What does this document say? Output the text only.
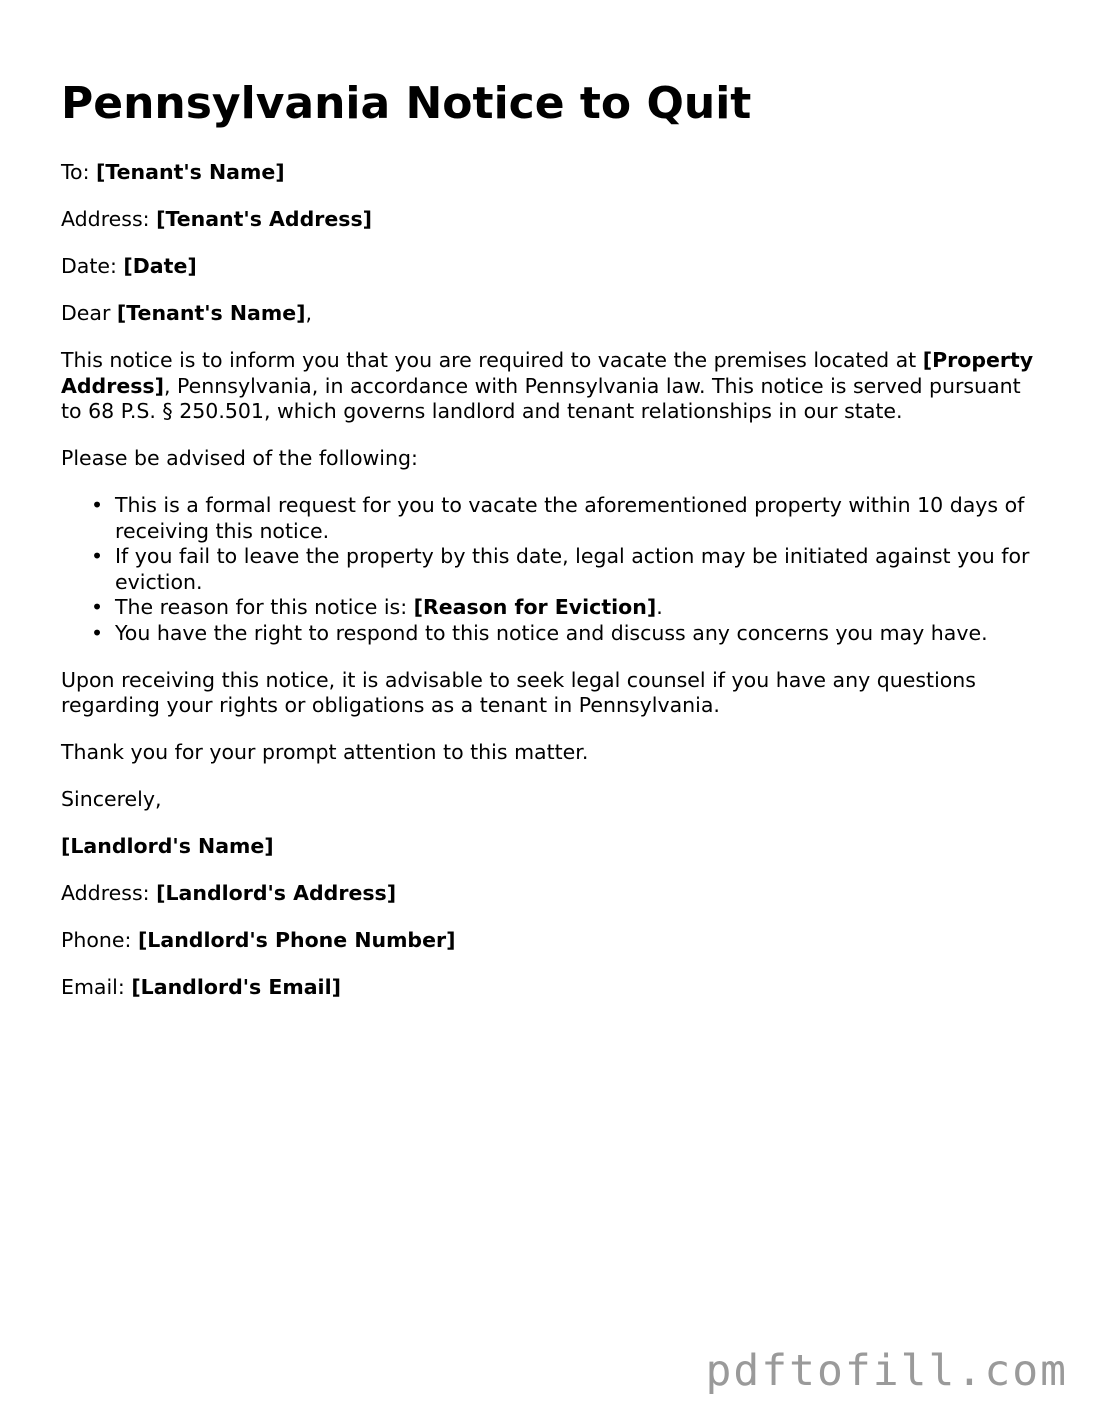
Pennsylvania Notice to Quit

To: [Tenant's Name]

Address: [Tenant's Address]

Date: [Date]

Dear [Tenant's Name],

This notice is to inform you that you are required to vacate the premises located at [Property Address], Pennsylvania, in accordance with Pennsylvania law. This notice is served pursuant to 68 P.S. § 250.501, which governs landlord and tenant relationships in our state.

Please be advised of the following:

• This is a formal request for you to vacate the aforementioned property within 10 days of receiving this notice.
• If you fail to leave the property by this date, legal action may be initiated against you for eviction.
• The reason for this notice is: [Reason for Eviction].
• You have the right to respond to this notice and discuss any concerns you may have.

Upon receiving this notice, it is advisable to seek legal counsel if you have any questions regarding your rights or obligations as a tenant in Pennsylvania.

Thank you for your prompt attention to this matter.

Sincerely,

[Landlord's Name]

Address: [Landlord's Address]

Phone: [Landlord's Phone Number]

Email: [Landlord's Email]

pdftofill.com
